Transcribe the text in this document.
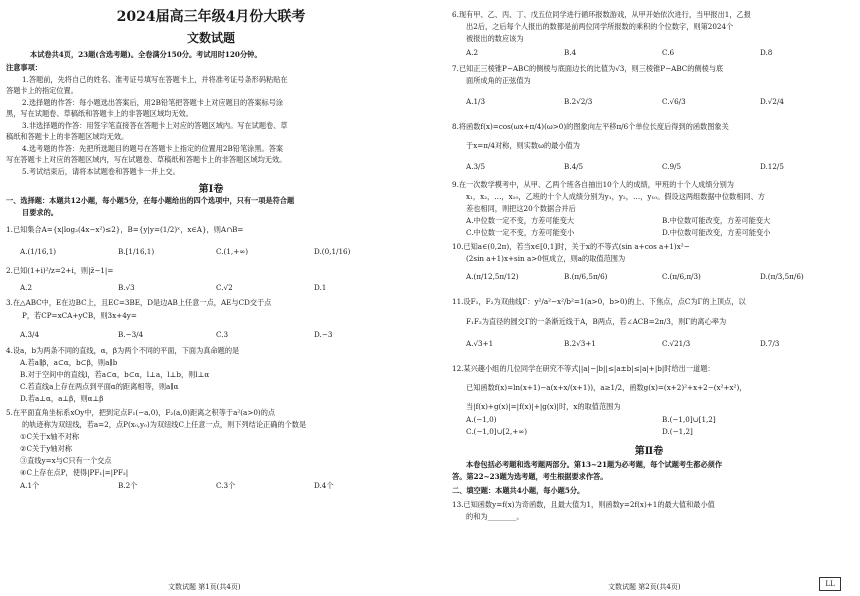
2024届高三年级4月份大联考
文数试题
本试卷共4页，23题(含选考题)。全卷满分150分。考试用时120分钟。
注意事项：
1.答题前，先将自己的姓名、准考证号填写在答题卡上，并将准考证号条形码粘贴在
答题卡上的指定位置。
2.选择题的作答：每小题选出答案后，用2B铅笔把答题卡上对应题目的答案标号涂
黑，写在试题卷、草稿纸和答题卡上的非答题区域均无效。
3.非选择题的作答：用签字笔直接答在答题卡上对应的答题区域内。写在试题卷、草
稿纸和答题卡上的非答题区域均无效。
4.选考题的作答：先把所选题目的题号在答题卡上指定的位置用2B铅笔涂黑。答案
写在答题卡上对应的答题区域内，写在试题卷、草稿纸和答题卡上的非答题区域均无效。
5.考试结束后，请将本试题卷和答题卡一并上交。
第Ⅰ卷
一、选择题：本题共12小题，每小题5分，在每小题给出的四个选项中，只有一项是符合题
目要求的。
1.已知集合A={x|log₂(4x−x²)≤2}，B={y|y=(1/2)ˣ，x∈A}，则A∩B=
A.(1/16,1)	B.[1/16,1)	C.(1,+∞)	D.(0,1/16)
2.已知(1+i)²/z=2+i，则|z̄−1|=
A.2	B.√3	C.√2	D.1
3.在△ABC中，E在边BC上，且EC=3BE，D是边AB上任意一点，AE与CD交于点
P，若CP=xCA+yCB，则3x+4y=
A.3/4	B.−3/4	C.3	D.−3
4.设a，b为两条不同的直线，α，β为两个不同的平面，下面为真命题的是
A.若a∥β，a⊂α，b⊂β，则a∥b
B.对于空间中的直线l，若a⊂α，b⊂α，l⊥a，l⊥b，则l⊥α
C.若直线a上存在两点到平面α的距离相等，则a∥α
D.若a⊥α，a⊥β，则α⊥β
5.在平面直角坐标系xOy中，把到定点F₁(−a,0)，F₂(a,0)距离之积等于a²(a>0)的点
的轨迹称为双纽线，若a=2，点P(x₀,y₀)为双纽线C上任意一点，则下列结论正确的个数是
①C关于x轴不对称
②C关于y轴对称
③直线y=x与C只有一个交点
④C上存在点P，使得|PF₁|=|PF₂|
A.1个	B.2个	C.3个	D.4个
文数试题 第1页(共4页)
6.现有甲、乙、丙、丁、戊五位同学进行循环报数游戏，从甲开始依次进行，当甲报出1，乙报
出2后，之后每个人报出的数都是前两位同学所报数的乘积的个位数字，则第2024个
被报出的数应该为
A.2	B.4	C.6	D.8
7.已知正三棱锥P−ABC的侧棱与底面边长的比值为√3，则三棱锥P−ABC的侧棱与底
面所成角的正弦值为
A.1/3	B.2√2/3	C.√6/3	D.√2/4
8.将函数f(x)=cos(ωx+π/4)(ω>0)的图象向左平移π/6个单位长度后得到的函数图象关
于x=π/4对称，则实数ω的最小值为
A.3/5	B.4/5	C.9/5	D.12/5
9.在一次数学模考中，从甲、乙两个班各自抽出10个人的成绩，甲班的十个人成绩分别为
x₁，x₂，…，x₁₀，乙班的十个人成绩分别为y₁，y₂，…，y₁₀。假设这两组数据中位数相同、方
差也相同，则把这20个数据合并后
A.中位数一定不变，方差可能变大	B.中位数可能改变，方差可能变大
C.中位数一定不变，方差可能变小	D.中位数可能改变，方差可能变小
10.已知a∈(0,2π)，若当x∈[0,1]时，关于x的不等式(sin a+cos a+1)x²−
(2sin a+1)x+sin a>0恒成立，则a的取值范围为
A.(π/12,5π/12)	B.(π/6,5π/6)	C.(π/6,π/3)	D.(π/3,5π/6)
11.设F₁，F₂为双曲线Γ：y²/a²−x²/b²=1(a>0，b>0)的上、下焦点，点C为Γ的上顶点，以
F₁F₂为直径的圆交Γ的一条渐近线于A，B两点，若∠ACB=2π/3，则Γ的离心率为
A.√3+1	B.2√3+1	C.√21/3	D.7/3
12.某兴趣小组的几位同学在研究不等式||a|−|b||≤|a±b|≤|a|+|b|时给出一道题：
已知函数f(x)=ln(x+1)−a(x+x/(x+1))，a≥1/2，函数g(x)=(x+2)²+x+2−(x²+x²)，
当|f(x)+g(x)|=|f(x)|+|g(x)|时，x的取值范围为
A.(−1,0)	B.(−1,0]∪[1,2]
C.(−1,0]∪[2,+∞)	D.(−1,2]
第Ⅱ卷
本卷包括必考题和选考题两部分。第13~21题为必考题，每个试题考生都必须作
答。第22~23题为选考题，考生根据要求作答。
二、填空题：本题共4小题，每小题5分。
13.已知函数y=f(x)为奇函数，且最大值为1，则函数y=2f(x)+1的最大值和最小值
的和为________。
文数试题 第2页(共4页)	LL
